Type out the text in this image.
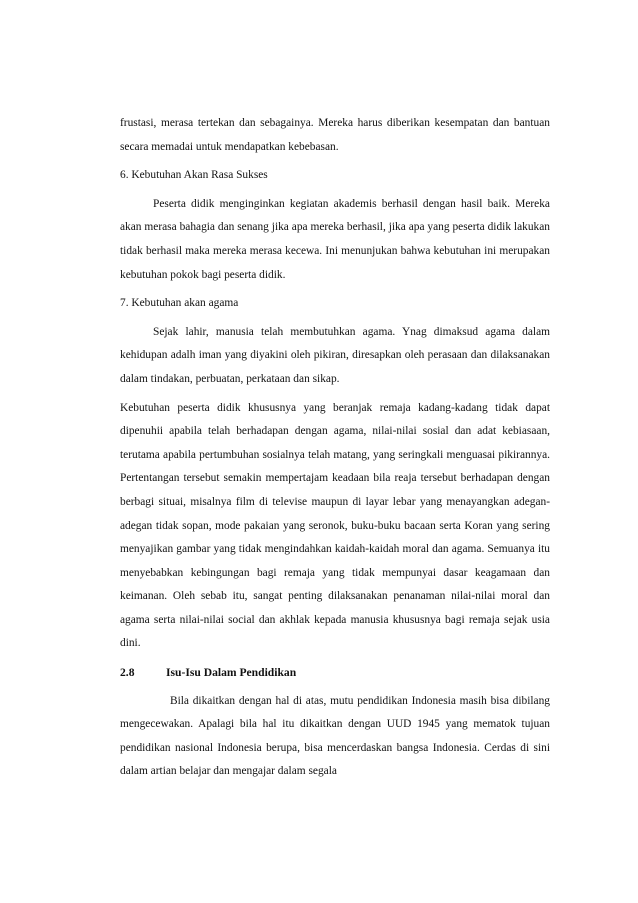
frustasi, merasa tertekan dan sebagainya. Mereka harus diberikan kesempatan dan bantuan secara memadai untuk mendapatkan kebebasan.

6. Kebutuhan Akan Rasa Sukses

Peserta didik menginginkan kegiatan akademis berhasil dengan hasil baik. Mereka akan merasa bahagia dan senang jika apa mereka berhasil, jika apa yang peserta didik lakukan tidak berhasil maka mereka merasa kecewa. Ini menunjukan bahwa kebutuhan ini merupakan kebutuhan pokok bagi peserta didik.

7. Kebutuhan akan agama

Sejak lahir, manusia telah membutuhkan agama. Ynag dimaksud agama dalam kehidupan adalh iman yang diyakini oleh pikiran, diresapkan oleh perasaan dan dilaksanakan dalam tindakan, perbuatan, perkataan dan sikap.

Kebutuhan peserta didik khususnya yang beranjak remaja kadang-kadang tidak dapat dipenuhii apabila telah berhadapan dengan agama, nilai-nilai sosial dan adat kebiasaan, terutama apabila pertumbuhan sosialnya telah matang, yang seringkali menguasai pikirannya. Pertentangan tersebut semakin mempertajam keadaan bila reaja tersebut berhadapan dengan berbagi situai, misalnya film di televise maupun di layar lebar yang menayangkan adegan-adegan tidak sopan, mode pakaian yang seronok, buku-buku bacaan serta Koran yang sering menyajikan gambar yang tidak mengindahkan kaidah-kaidah moral dan agama. Semuanya itu menyebabkan kebingungan bagi remaja yang tidak mempunyai dasar keagamaan dan keimanan. Oleh sebab itu, sangat penting dilaksanakan penanaman nilai-nilai moral dan agama serta nilai-nilai social dan akhlak kepada manusia khususnya bagi remaja sejak usia dini.

2.8	Isu-Isu Dalam Pendidikan

Bila dikaitkan dengan hal di atas, mutu pendidikan Indonesia masih bisa dibilang mengecewakan. Apalagi bila hal itu dikaitkan dengan UUD 1945 yang mematok tujuan pendidikan nasional Indonesia berupa, bisa mencerdaskan bangsa Indonesia. Cerdas di sini dalam artian belajar dan mengajar dalam segala
